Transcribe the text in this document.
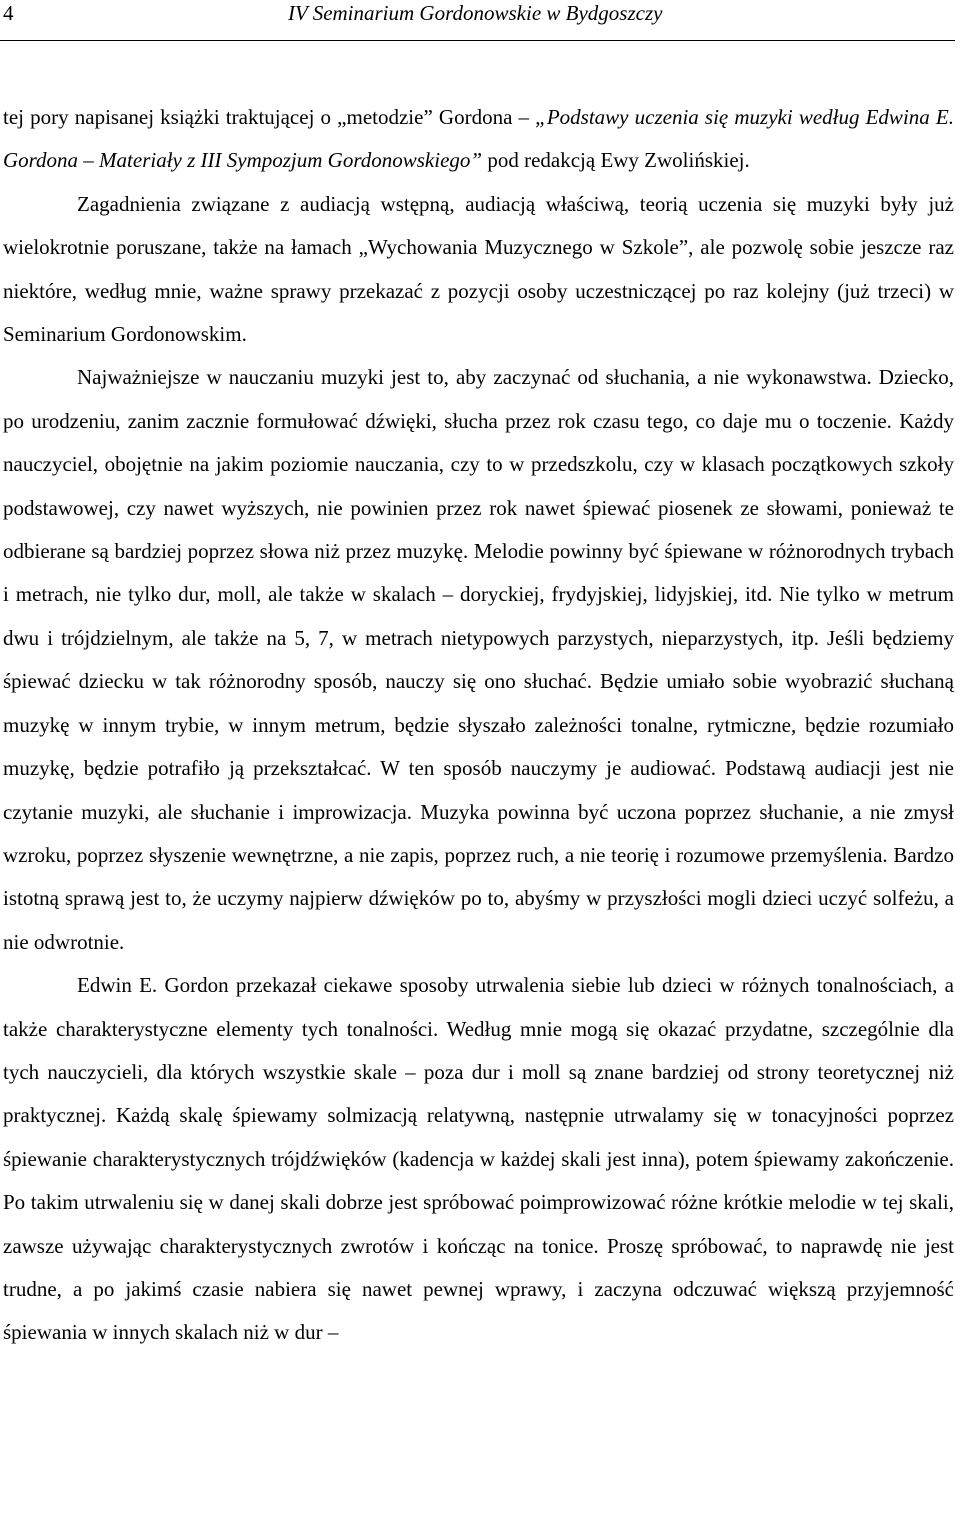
4	IV Seminarium Gordonowskie w Bydgoszczy

tej pory napisanej książki traktującej o „metodzie” Gordona – „Podstawy uczenia się muzyki według Edwina E. Gordona – Materiały z III Sympozjum Gordonowskiego” pod redakcją Ewy Zwolińskiej.

Zagadnienia związane z audiacją wstępną, audiacją właściwą, teorią uczenia się muzyki były już wielokrotnie poruszane, także na łamach „Wychowania Muzycznego w Szkole”, ale pozwolę sobie jeszcze raz niektóre, według mnie, ważne sprawy przekazać z pozycji osoby uczestniczącej po raz kolejny (już trzeci) w Seminarium Gordonowskim.

Najważniejsze w nauczaniu muzyki jest to, aby zaczynać od słuchania, a nie wykonawstwa. Dziecko, po urodzeniu, zanim zacznie formułować dźwięki, słucha przez rok czasu tego, co daje mu o toczenie. Każdy nauczyciel, obojętnie na jakim poziomie nauczania, czy to w przedszkolu, czy w klasach początkowych szkoły podstawowej, czy nawet wyższych, nie powinien przez rok nawet śpiewać piosenek ze słowami, ponieważ te odbierane są bardziej poprzez słowa niż przez muzykę. Melodie powinny być śpiewane w różnorodnych trybach i metrach, nie tylko dur, moll, ale także w skalach – doryckiej, frydyjskiej, lidyjskiej, itd. Nie tylko w metrum dwu i trójdzielnym, ale także na 5, 7, w metrach nietypowych parzystych, nieparzystych, itp. Jeśli będziemy śpiewać dziecku w tak różnorodny sposób, nauczy się ono słuchać. Będzie umiało sobie wyobrazić słuchaną muzykę w innym trybie, w innym metrum, będzie słyszało zależności tonalne, rytmiczne, będzie rozumiało muzykę, będzie potrafiło ją przekształcać. W ten sposób nauczymy je audiować. Podstawą audiacji jest nie czytanie muzyki, ale słuchanie i improwizacja. Muzyka powinna być uczona poprzez słuchanie, a nie zmysł wzroku, poprzez słyszenie wewnętrzne, a nie zapis, poprzez ruch, a nie teorię i rozumowe przemyślenia. Bardzo istotną sprawą jest to, że uczymy najpierw dźwięków po to, abyśmy w przyszłości mogli dzieci uczyć solfeżu, a nie odwrotnie.

Edwin E. Gordon przekazał ciekawe sposoby utrwalenia siebie lub dzieci w różnych tonalnościach, a także charakterystyczne elementy tych tonalności. Według mnie mogą się okazać przydatne, szczególnie dla tych nauczycieli, dla których wszystkie skale – poza dur i moll są znane bardziej od strony teoretycznej niż praktycznej. Każdą skalę śpiewamy solmizacją relatywną, następnie utrwalamy się w tonacyjności poprzez śpiewanie charakterystycznych trójdźwięków (kadencja w każdej skali jest inna), potem śpiewamy zakończenie. Po takim utrwaleniu się w danej skali dobrze jest spróbować poimprowizować różne krótkie melodie w tej skali, zawsze używając charakterystycznych zwrotów i kończąc na tonice. Proszę spróbować, to naprawdę nie jest trudne, a po jakimś czasie nabiera się nawet pewnej wprawy, i zaczyna odczuwać większą przyjemność śpiewania w innych skalach niż w dur –
